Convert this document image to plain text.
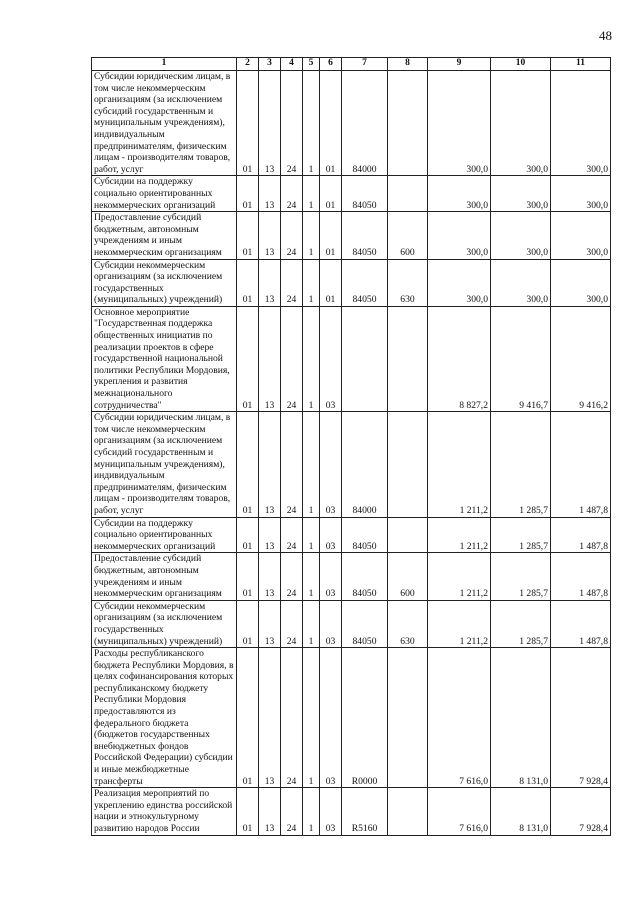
48
1	2	3	4	5	6	7	8	9	10	11
Субсидии юридическим лицам, в том числе некоммерческим организациям (за исключением субсидий государственным и муниципальным учреждениям), индивидуальным предпринимателям, физическим лицам - производителям товаров, работ, услуг	01	13	24	1	01	84000		300,0	300,0	300,0
Субсидии на поддержку социально ориентированных некоммерческих организаций	01	13	24	1	01	84050		300,0	300,0	300,0
Предоставление субсидий бюджетным, автономным учреждениям и иным некоммерческим организациям	01	13	24	1	01	84050	600	300,0	300,0	300,0
Субсидии некоммерческим организациям (за исключением государственных (муниципальных) учреждений)	01	13	24	1	01	84050	630	300,0	300,0	300,0
Основное мероприятие "Государственная поддержка общественных инициатив по реализации проектов в сфере государственной национальной политики Республики Мордовия, укрепления и развития межнационального сотрудничества"	01	13	24	1	03			8 827,2	9 416,7	9 416,2
Субсидии юридическим лицам, в том числе некоммерческим организациям (за исключением субсидий государственным и муниципальным учреждениям), индивидуальным предпринимателям, физическим лицам - производителям товаров, работ, услуг	01	13	24	1	03	84000		1 211,2	1 285,7	1 487,8
Субсидии на поддержку социально ориентированных некоммерческих организаций	01	13	24	1	03	84050		1 211,2	1 285,7	1 487,8
Предоставление субсидий бюджетным, автономным учреждениям и иным некоммерческим организациям	01	13	24	1	03	84050	600	1 211,2	1 285,7	1 487,8
Субсидии некоммерческим организациям (за исключением государственных (муниципальных) учреждений)	01	13	24	1	03	84050	630	1 211,2	1 285,7	1 487,8
Расходы республиканского бюджета Республики Мордовия, в целях софинансирования которых республиканскому бюджету Республики Мордовия предоставляются из федерального бюджета (бюджетов государственных внебюджетных фондов Российской Федерации) субсидии и иные межбюджетные трансферты	01	13	24	1	03	R0000		7 616,0	8 131,0	7 928,4
Реализация мероприятий по укреплению единства российской нации и этнокультурному развитию народов России	01	13	24	1	03	R5160		7 616,0	8 131,0	7 928,4
